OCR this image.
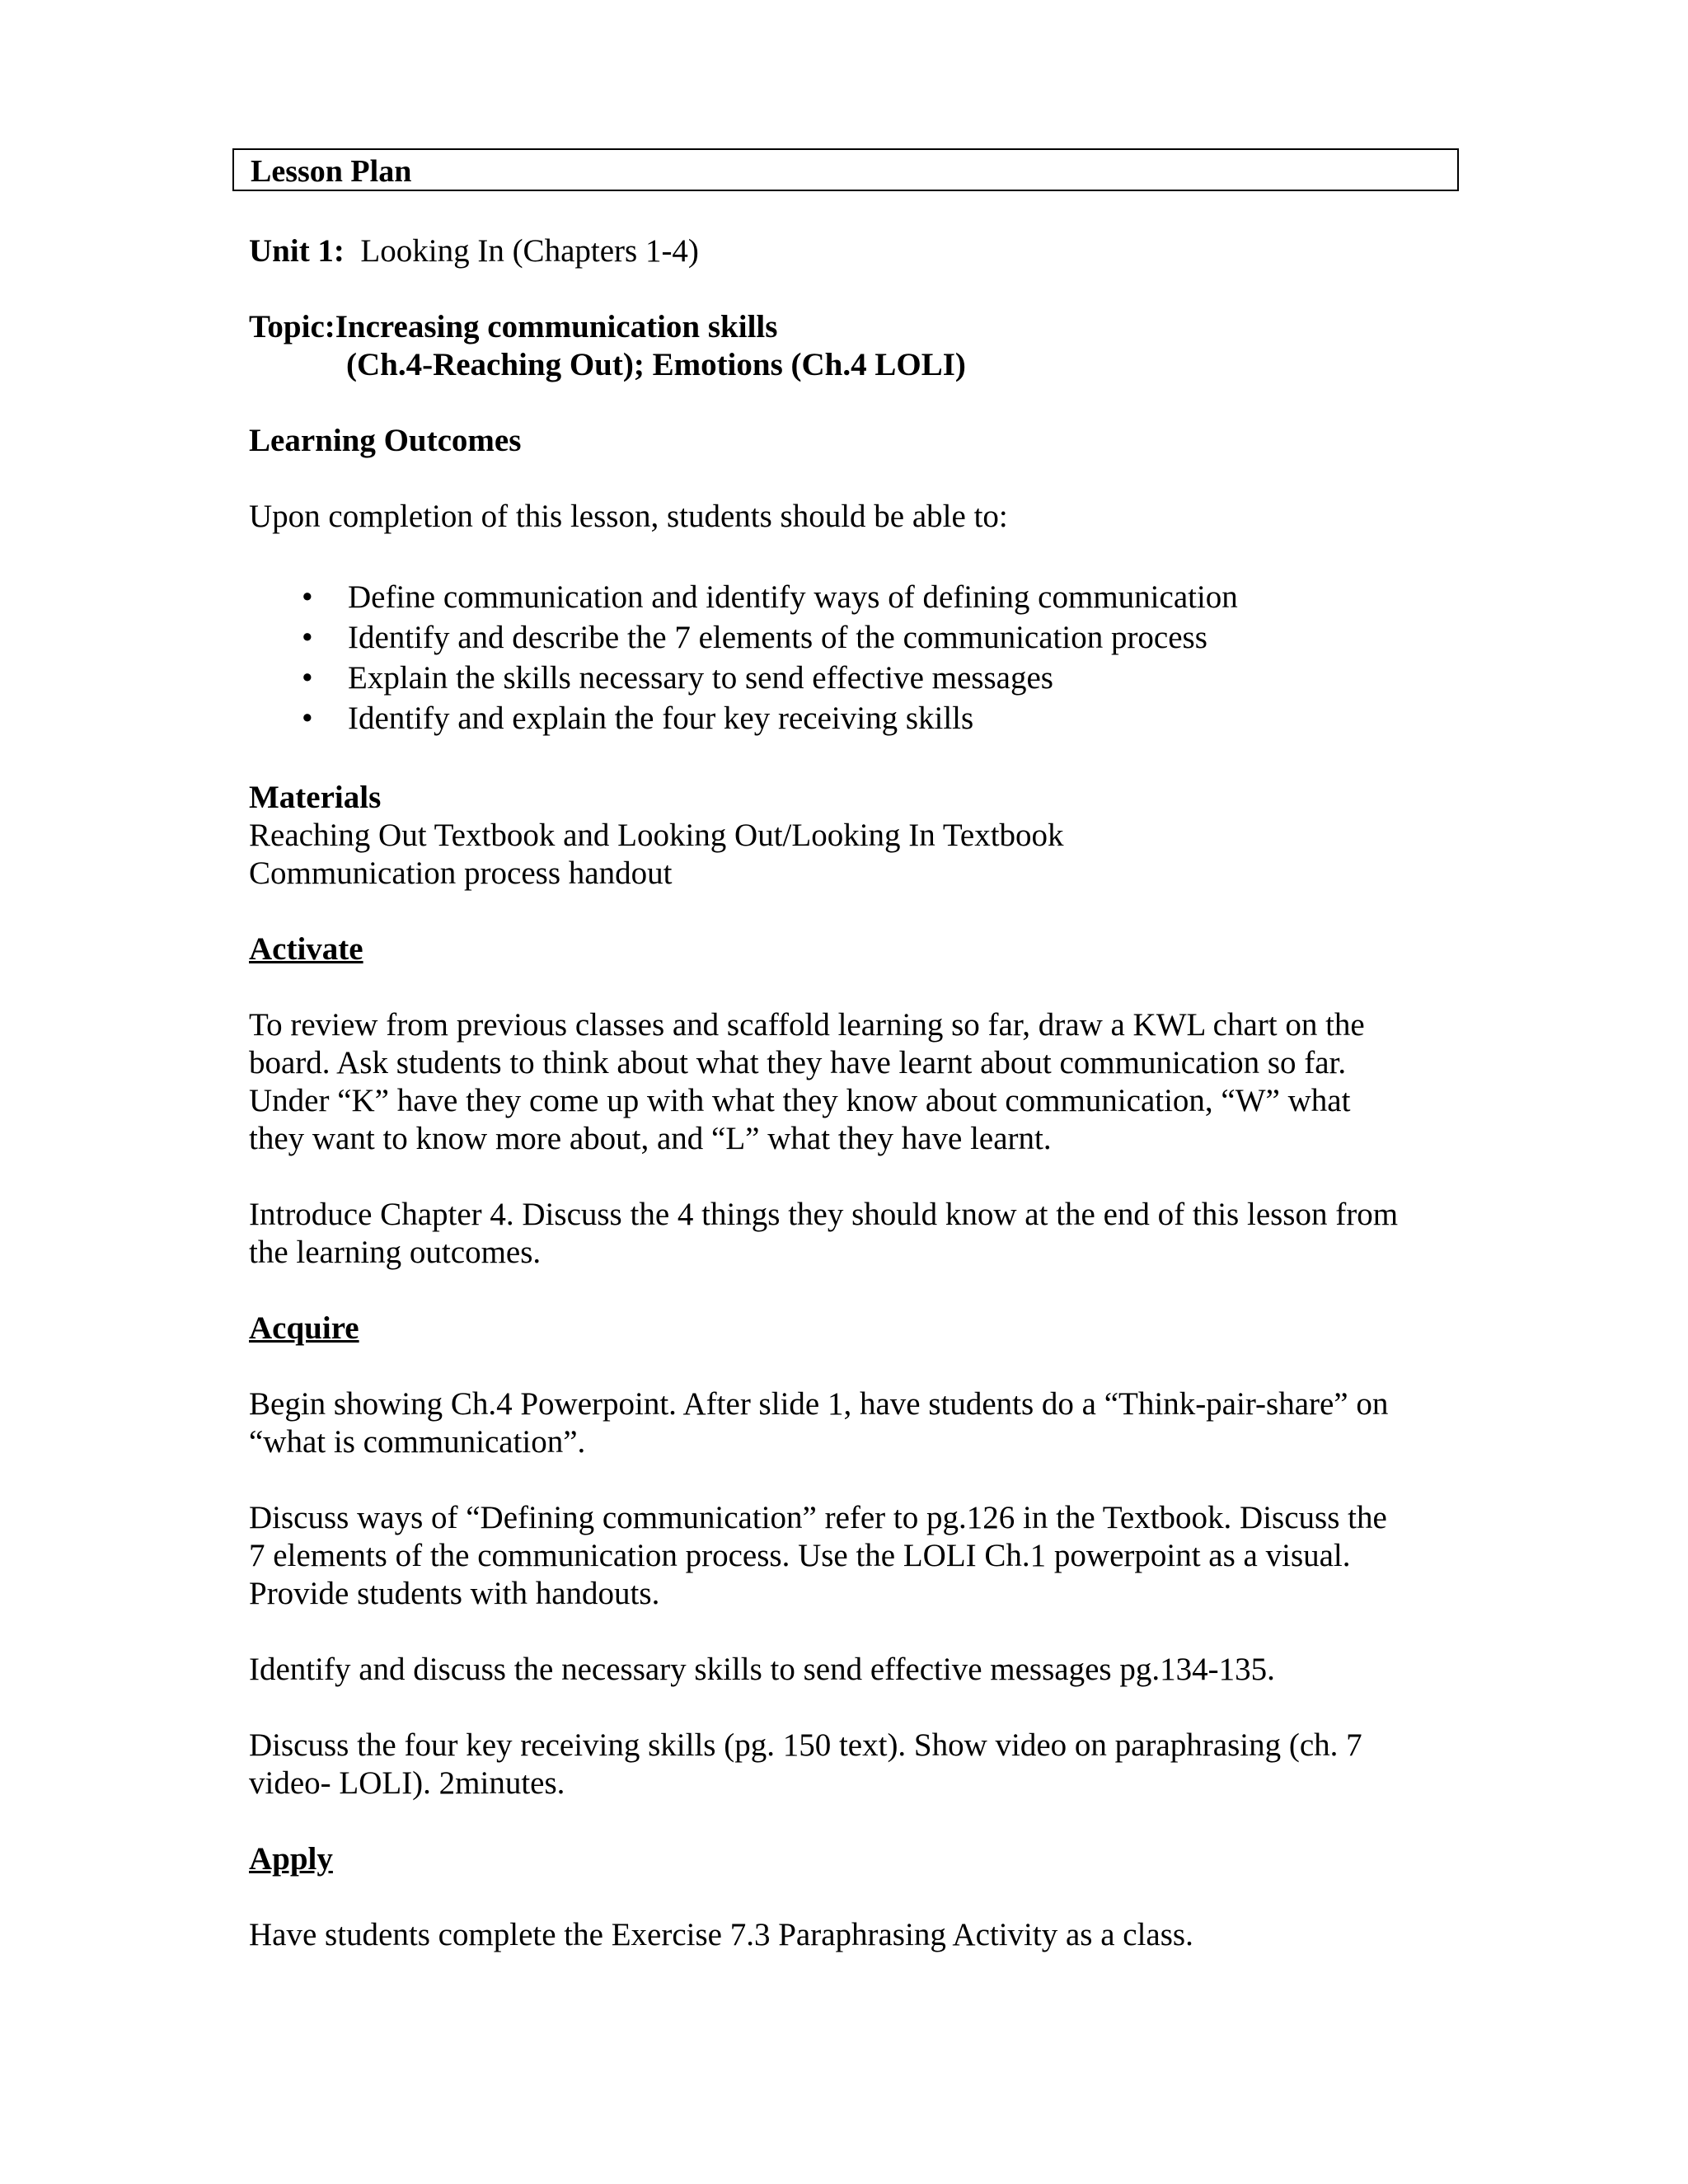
Lesson Plan
Unit 1: Looking In (Chapters 1-4)
Topic:Increasing communication skills
(Ch.4-Reaching Out); Emotions (Ch.4 LOLI)
Learning Outcomes
Upon completion of this lesson, students should be able to:
• Define communication and identify ways of defining communication
• Identify and describe the 7 elements of the communication process
• Explain the skills necessary to send effective messages
• Identify and explain the four key receiving skills
Materials
Reaching Out Textbook and Looking Out/Looking In Textbook
Communication process handout
Activate
To review from previous classes and scaffold learning so far, draw a KWL chart on the
board. Ask students to think about what they have learnt about communication so far.
Under “K” have they come up with what they know about communication, “W” what
they want to know more about, and “L” what they have learnt.
Introduce Chapter 4. Discuss the 4 things they should know at the end of this lesson from
the learning outcomes.
Acquire
Begin showing Ch.4 Powerpoint. After slide 1, have students do a “Think-pair-share” on
“what is communication”.
Discuss ways of “Defining communication” refer to pg.126 in the Textbook. Discuss the
7 elements of the communication process. Use the LOLI Ch.1 powerpoint as a visual.
Provide students with handouts.
Identify and discuss the necessary skills to send effective messages pg.134-135.
Discuss the four key receiving skills (pg. 150 text). Show video on paraphrasing (ch. 7
video- LOLI). 2minutes.
Apply
Have students complete the Exercise 7.3 Paraphrasing Activity as a class.
